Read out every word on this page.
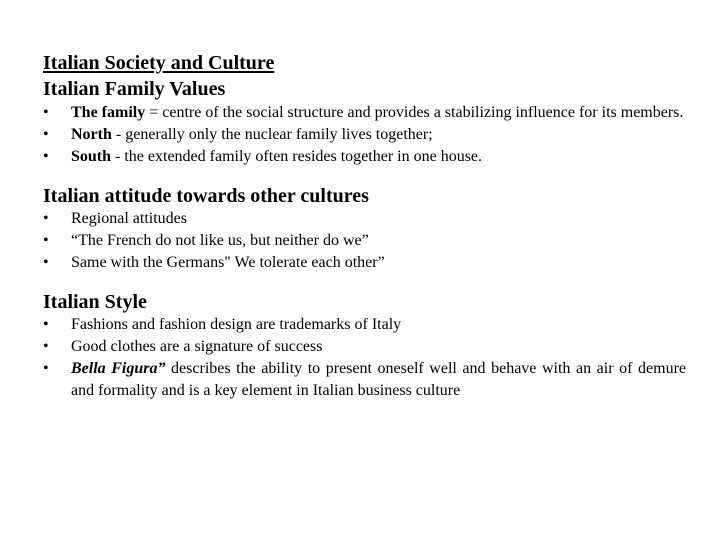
Italian Society and Culture
Italian Family Values
•	The family = centre of the social structure and provides a stabilizing influence for its members.
•	North - generally only the nuclear family lives together;
•	South - the extended family often resides together in one house.
Italian attitude towards other cultures
•	Regional attitudes
•	“The French do not like us, but neither do we”
•	Same with the Germans" We tolerate each other”
Italian Style
•	Fashions and fashion design are trademarks of Italy
•	Good clothes are a signature of success
•	Bella Figura” describes the ability to present oneself well and behave with an air of demure and formality and is a key element in Italian business culture
